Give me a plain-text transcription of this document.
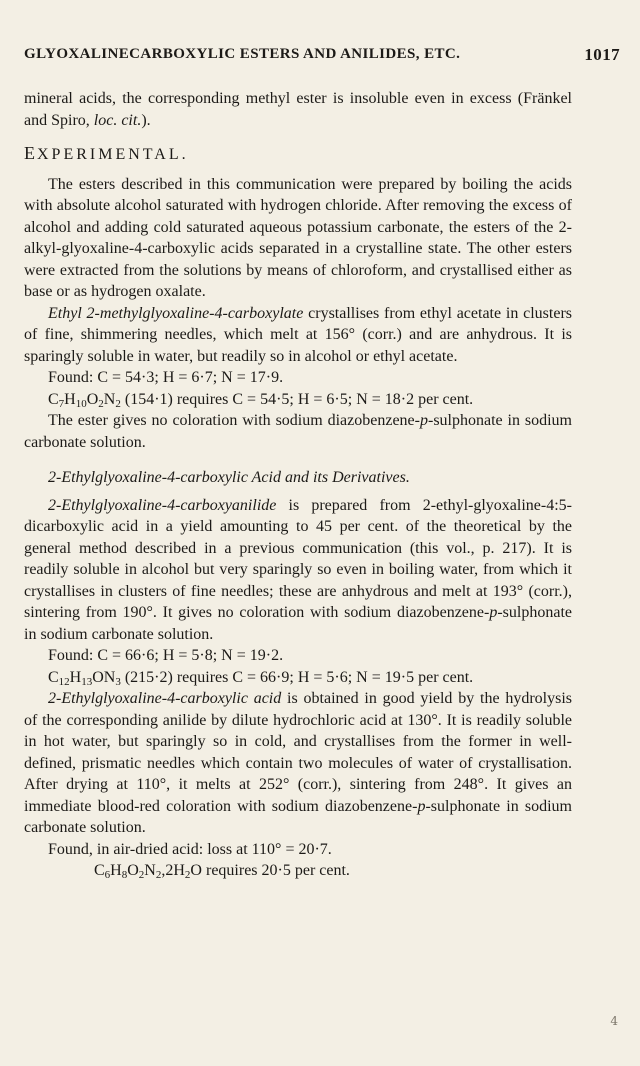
GLYOXALINECARBOXYLIC ESTERS AND ANILIDES, ETC.	1017

mineral acids, the corresponding methyl ester is insoluble even in excess (Fränkel and Spiro, loc. cit.).

EXPERIMENTAL.

The esters described in this communication were prepared by boiling the acids with absolute alcohol saturated with hydrogen chloride. After removing the excess of alcohol and adding cold saturated aqueous potassium carbonate, the esters of the 2-alkyl-glyoxaline-4-carboxylic acids separated in a crystalline state. The other esters were extracted from the solutions by means of chloroform, and crystallised either as base or as hydrogen oxalate.

Ethyl 2-methylglyoxaline-4-carboxylate crystallises from ethyl acetate in clusters of fine, shimmering needles, which melt at 156° (corr.) and are anhydrous. It is sparingly soluble in water, but readily so in alcohol or ethyl acetate.

Found: C = 54·3; H = 6·7; N = 17·9.

$C_7H_{10}O_2N_2$ (154·1) requires C = 54·5; H = 6·5; N = 18·2 per cent.

The ester gives no coloration with sodium diazobenzene-p-sulphonate in sodium carbonate solution.

2-Ethylglyoxaline-4-carboxylic Acid and its Derivatives.

2-Ethylglyoxaline-4-carboxyanilide is prepared from 2-ethyl-glyoxaline-4:5-dicarboxylic acid in a yield amounting to 45 per cent. of the theoretical by the general method described in a previous communication (this vol., p. 217). It is readily soluble in alcohol but very sparingly so even in boiling water, from which it crystallises in clusters of fine needles; these are anhydrous and melt at 193° (corr.), sintering from 190°. It gives no coloration with sodium diazobenzene-p-sulphonate in sodium carbonate solution.

Found: C = 66·6; H = 5·8; N = 19·2.

$C_{12}H_{13}ON_3$ (215·2) requires C = 66·9; H = 5·6; N = 19·5 per cent.

2-Ethylglyoxaline-4-carboxylic acid is obtained in good yield by the hydrolysis of the corresponding anilide by dilute hydrochloric acid at 130°. It is readily soluble in hot water, but sparingly so in cold, and crystallises from the former in well-defined, prismatic needles which contain two molecules of water of crystallisation. After drying at 110°, it melts at 252° (corr.), sintering from 248°. It gives an immediate blood-red coloration with sodium diazobenzene-p-sulphonate in sodium carbonate solution.

Found, in air-dried acid: loss at 110° = 20·7.

$C_6H_8O_2N_2,2H_2O$ requires 20·5 per cent.

4
